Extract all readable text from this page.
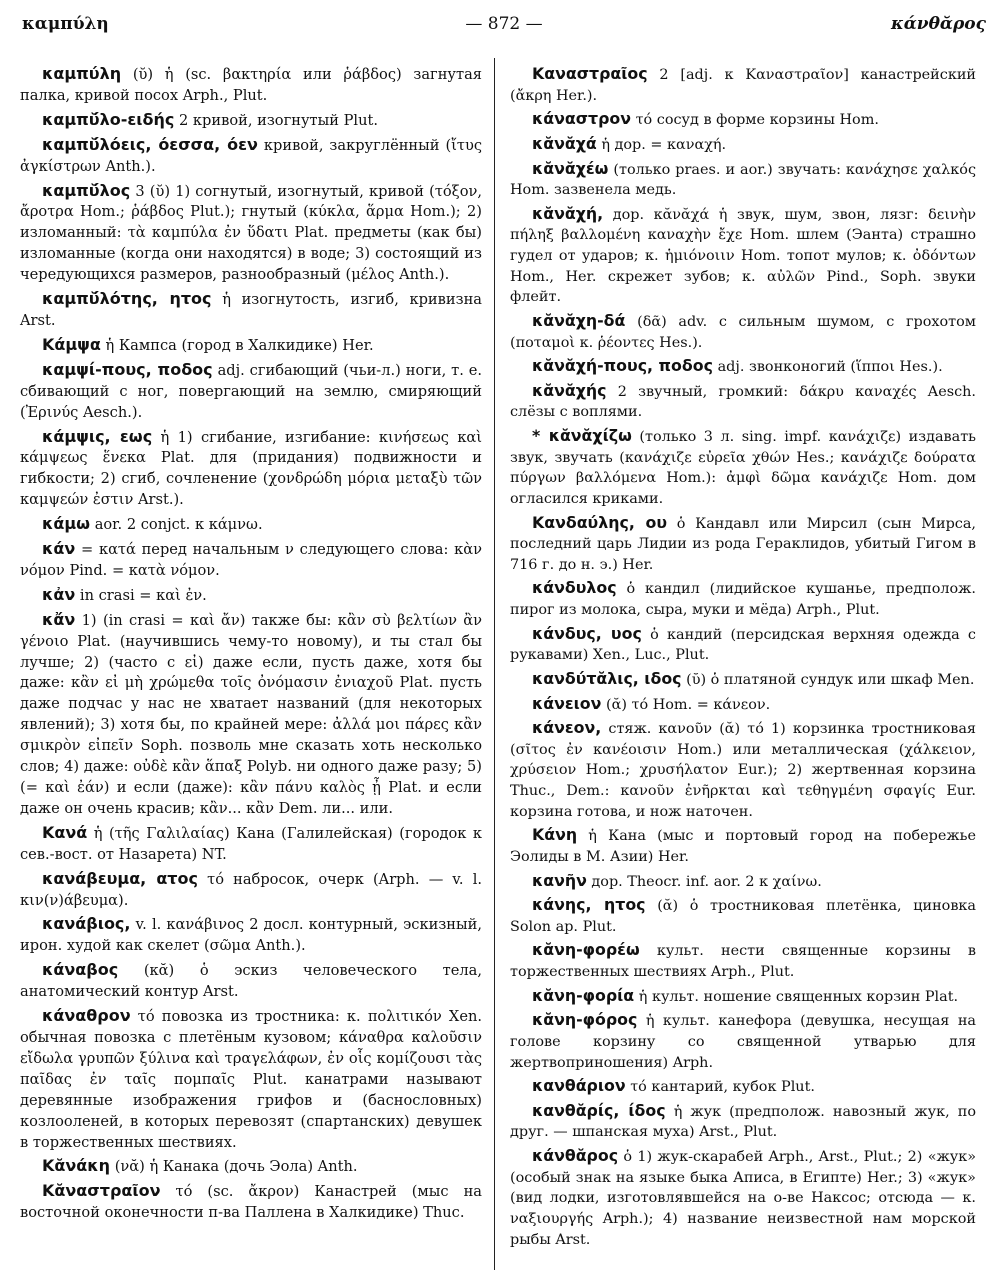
καμπύλη	— 872 —	κάνθᾰρος

καμπύλη (ῠ) ἡ (sc. βακτηρία или ῥάβδος) загнутая палка, кривой посох Arph., Plut.

καμπῠ́λο-ειδής 2 кривой, изогнутый Plut.

καμπῠ́λόεις, όεσσα, όεν кривой, закруглённый (ἴτυς ἀγκίστρων Anth.).

καμπῠ́λος 3 (ῠ) 1) согнутый, изогнутый, кривой (τόξον, ἄροτρα Hom.; ῥάβδος Plut.); гнутый (κύκλα, ἅρμα Hom.); 2) изломанный: τὰ καμπύλα ἐν ὕδατι Plat. предметы (как бы) изломанные (когда они находятся) в воде; 3) состоящий из чередующихся размеров, разнообразный (μέλος Anth.).

καμπῠ́λότης, ητος ἡ изогнутость, изгиб, кривизна Arst.

Κάμψα ἡ Кампса (город в Халкидике) Her.

καμψί-πους, ποδος adj. сгибающий (чьи-л.) ноги, т. е. сбивающий с ног, повергающий на землю, смиряющий (Ἐρινύς Aesch.).

κάμψις, εως ἡ 1) сгибание, изгибание: κινήσεως καὶ κάμψεως ἕνεκα Plat. для (придания) подвижности и гибкости; 2) сгиб, сочленение (χονδρώδη μόρια μεταξὺ τῶν καμψεών ἐστιν Arst.).

κάμω aor. 2 conjct. к κάμνω.

κάν = κατά перед начальным ν следующего слова: κὰν νόμον Pind. = κατὰ νόμον.

κἀν in crasi = καὶ ἐν.

κἄν 1) (in crasi = καὶ ἄν) также бы: κἂν σὺ βελτίων ἂν γένοιο Plat. (научившись чему-то новому), и ты стал бы лучше; 2) (часто с εἰ) даже если, пусть даже, хотя бы даже: κἂν εἰ μὴ χρώμεθα τοῖς ὀνόμασιν ἐνιαχοῦ Plat. пусть даже подчас у нас не хватает названий (для некоторых явлений); 3) хотя бы, по крайней мере: ἀλλά μοι πάρες κἂν σμικρὸν εἰπεῖν Soph. позволь мне сказать хоть несколько слов; 4) даже: οὐδὲ κἂν ἅπαξ Polyb. ни одного даже разу; 5) (= καὶ ἐάν) и если (даже): κἂν πάνυ καλὸς ᾖ Plat. и если даже он очень красив; κἂν... κἂν Dem. ли... или.

Κανά ἡ (τῆς Γαλιλαίας) Кана (Галилейская) (городок к сев.-вост. от Назарета) NT.

κανάβευμα, ατος τό набросок, очерк (Arph. — v. l. κιν(ν)άβευμα).

κανάβιος, v. l. κανάβινος 2 досл. контурный, эскизный, ирон. худой как скелет (σῶμα Anth.).

κάναβος (κᾰ) ὁ эскиз человеческого тела, анатомический контур Arst.

κάναθρον τό повозка из тростника: κ. πολιτικόν Xen. обычная повозка с плетёным кузовом; κάναθρα καλοῦσιν εἴδωλα γρυπῶν ξύλινα καὶ τραγελάφων, ἐν οἷς κομίζουσι τὰς παῖδας ἐν ταῖς πομπαῖς Plut. канатрами называют деревянные изображения грифов и (баснословных) козлооленей, в которых перевозят (спартанских) девушек в торжественных шествиях.

Κᾰνάκη (νᾰ) ἡ Канака (дочь Эола) Anth.

Κᾰναστραῖον τό (sc. ἄκρον) Канастрей (мыс на восточной оконечности п-ва Паллена в Халкидике) Thuc.

Καναστραῖος 2 [adj. к Καναστραῖον] канастрейский (ἄκρη Her.).

κάναστρον τό сосуд в форме корзины Hom.

κᾰνᾰχά ἡ дор. = καναχή.

κᾰνᾰχέω (только praes. и aor.) звучать: κανάχησε χαλκός Hom. зазвенела медь.

κᾰνᾰχή, дор. κᾰνᾰχά ἡ звук, шум, звон, лязг: δεινὴν πήληξ βαλλομένη καναχὴν ἔχε Hom. шлем (Эанта) страшно гудел от ударов; κ. ἡμιόνοιιν Hom. топот мулов; κ. ὀδόντων Hom., Her. скрежет зубов; κ. αὐλῶν Pind., Soph. звуки флейт.

κᾰνᾰχη-δά (δᾶ) adv. с сильным шумом, с грохотом (ποταμοὶ κ. ῥέοντες Hes.).

κᾰνᾰχή-πους, ποδος adj. звонконогий (ἵπποι Hes.).

κᾰνᾰχής 2 звучный, громкий: δάκρυ καναχές Aesch. слёзы с воплями.

* κᾰνᾰχίζω (только 3 л. sing. impf. κανάχιζε) издавать звук, звучать (κανάχιζε εὐρεῖα χθών Hes.; κανάχιζε δούρατα πύργων βαλλόμενα Hom.): ἀμφὶ δῶμα κανάχιζε Hom. дом огласился криками.

Κανδαύλης, ου ὁ Кандавл или Мирсил (сын Мирса, последний царь Лидии из рода Гераклидов, убитый Гигом в 716 г. до н. э.) Her.

κάνδυλος ὁ кандил (лидийское кушанье, предполож. пирог из молока, сыра, муки и мёда) Arph., Plut.

κάνδυς, υος ὁ кандий (персидская верхняя одежда с рукавами) Xen., Luc., Plut.

κανδύτᾰλις, ιδος (ῠ) ὁ платяной сундук или шкаф Men.

κάνειον (ᾰ) τό Hom. = κάνεον.

κάνεον, стяж. κανοῦν (ᾰ) τό 1) корзинка тростниковая (σῖτος ἐν κανέοισιν Hom.) или металлическая (χάλκειον, χρύσειον Hom.; χρυσήλατον Eur.); 2) жертвенная корзина Thuc., Dem.: κανοῦν ἐνῆρκται καὶ τεθηγμένη σφαγίς Eur. корзина готова, и нож наточен.

Κάνη ἡ Кана (мыс и портовый город на побережье Эолиды в М. Азии) Her.

κανῆν дор. Theocr. inf. aor. 2 к χαίνω.

κάνης, ητος (ᾰ) ὁ тростниковая плетёнка, циновка Solon ap. Plut.

κᾰνη-φορέω культ. нести священные корзины в торжественных шествиях Arph., Plut.

κᾰνη-φορία ἡ культ. ношение священных корзин Plat.

κᾰνη-φόρος ἡ культ. канефора (девушка, несущая на голове корзину со священной утварью для жертвоприношения) Arph.

κανθάριον τό кантарий, кубок Plut.

κανθᾰρίς, ίδος ἡ жук (предполож. навозный жук, по друг. — шпанская муха) Arst., Plut.

κάνθᾰρος ὁ 1) жук-скарабей Arph., Arst., Plut.; 2) «жук» (особый знак на языке быка Аписа, в Египте) Her.; 3) «жук» (вид лодки, изготовлявшейся на о-ве Наксос; отсюда — κ. ναξιουργής Arph.); 4) название неизвестной нам морской рыбы Arst.
